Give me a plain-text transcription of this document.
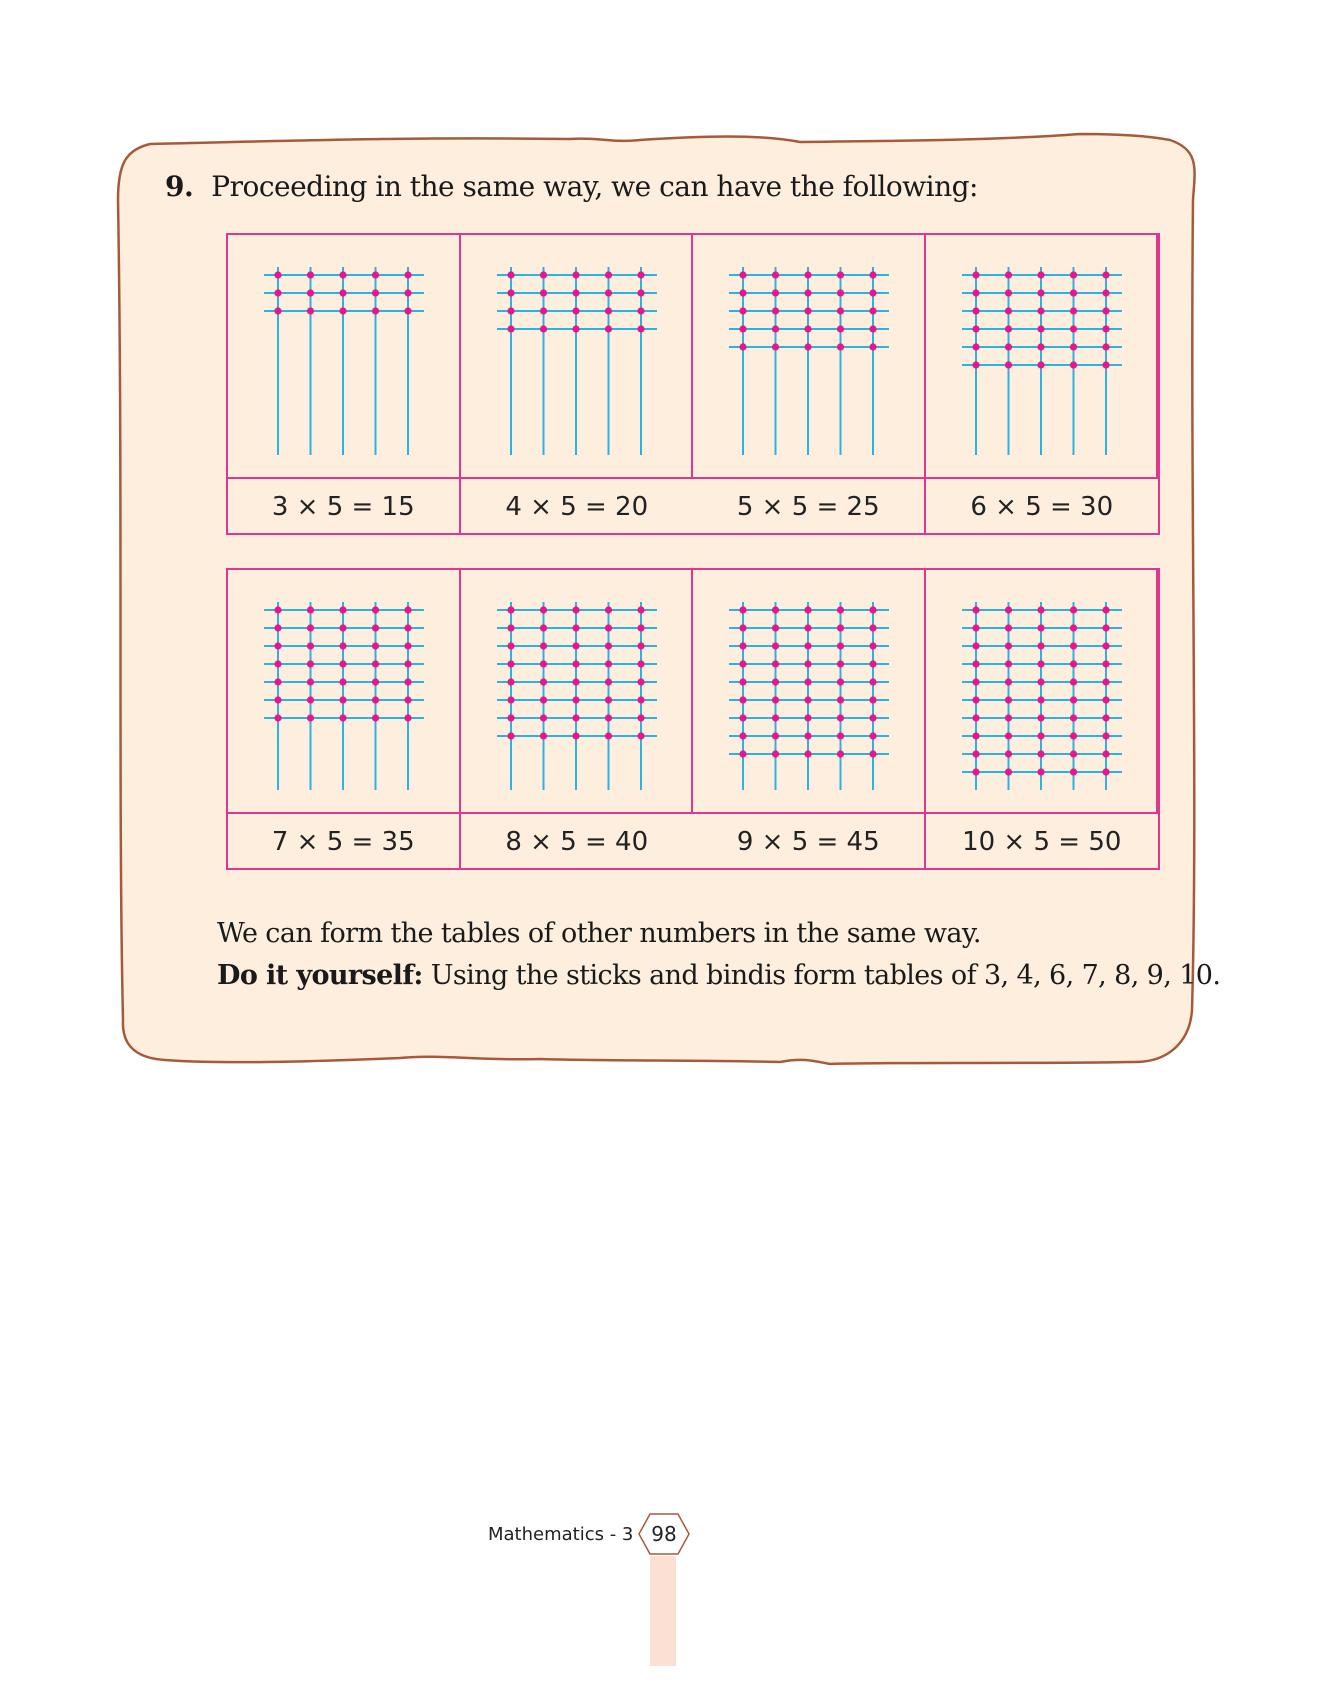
9. Proceeding in the same way, we can have the following:
3 × 5 = 15	4 × 5 = 20	5 × 5 = 25	6 × 5 = 30
7 × 5 = 35	8 × 5 = 40	9 × 5 = 45	10 × 5 = 50
We can form the tables of other numbers in the same way.
Do it yourself: Using the sticks and bindis form tables of 3, 4, 6, 7, 8, 9, 10.
Mathematics - 3 98
